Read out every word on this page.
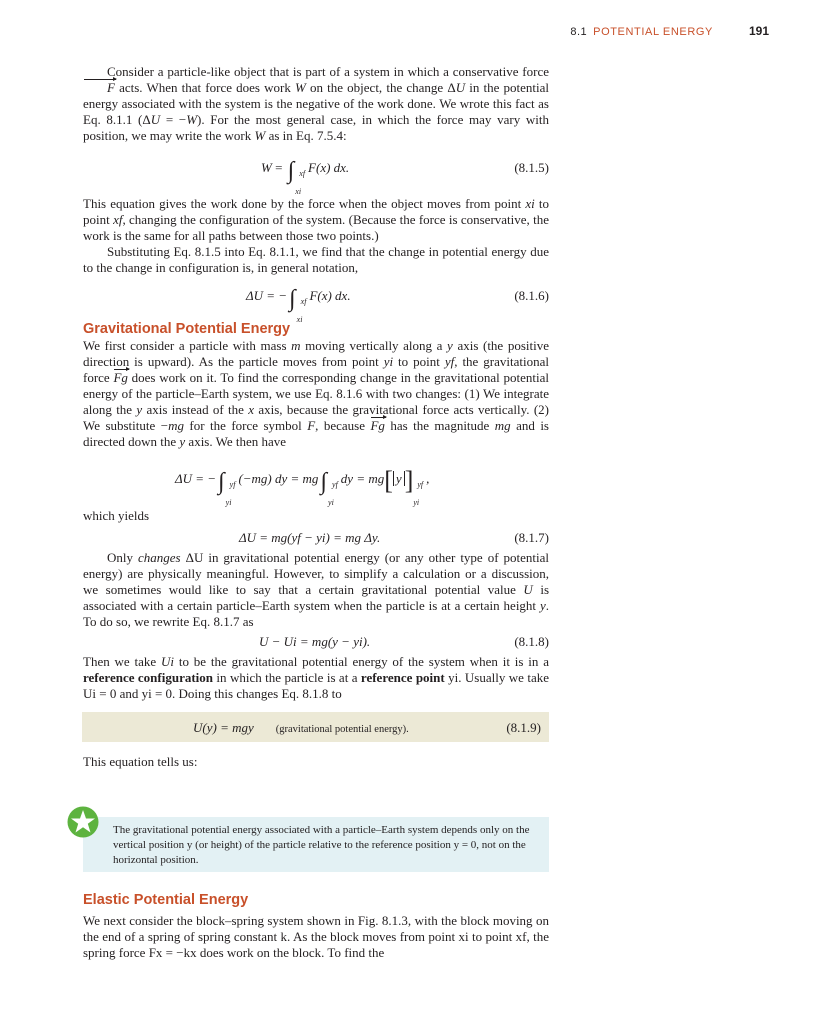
8.1 POTENTIAL ENERGY	191

Consider a particle-like object that is part of a system in which a conservative force F acts. When that force does work W on the object, the change ΔU in the potential energy associated with the system is the negative of the work done. We wrote this fact as Eq. 8.1.1 (ΔU = −W). For the most general case, in which the force may vary with position, we may write the work W as in Eq. 7.5.4:

W = ∫ xf
xi
F(x) dx.	(8.1.5)

This equation gives the work done by the force when the object moves from point xi to point xf, changing the configuration of the system. (Because the force is conservative, the work is the same for all paths between those two points.)

Substituting Eq. 8.1.5 into Eq. 8.1.1, we find that the change in potential energy due to the change in configuration is, in general notation,

ΔU = −∫ xf
xi
F(x) dx.	(8.1.6)
Gravitational Potential Energy

We first consider a particle with mass m moving vertically along a y axis (the positive direction is upward). As the particle moves from point yi to point yf, the gravitational force Fg does work on it. To find the corresponding change in the gravitational potential energy of the particle–Earth system, we use Eq. 8.1.6 with two changes: (1) We integrate along the y axis instead of the x axis, because the gravitational force acts vertically. (2) We substitute −mg for the force symbol F, because Fg has the magnitude mg and is directed down the y axis. We then have

ΔU = −∫ yf
yi
(−mg) dy = mg∫ yf
yi
dy = mg[ y ] yf
yi
,

which yields

ΔU = mg(yf − yi) = mg Δy.	(8.1.7)

Only changes ΔU in gravitational potential energy (or any other type of potential energy) are physically meaningful. However, to simplify a calculation or a discussion, we sometimes would like to say that a certain gravitational potential value U is associated with a certain particle–Earth system when the particle is at a certain height y. To do so, we rewrite Eq. 8.1.7 as

U − Ui = mg(y − yi).	(8.1.8)

Then we take Ui to be the gravitational potential energy of the system when it is in a reference configuration in which the particle is at a reference point yi. Usually we take Ui = 0 and yi = 0. Doing this changes Eq. 8.1.8 to

U(y) = mgy (gravitational potential energy).	(8.1.9)

This equation tells us:

The gravitational potential energy associated with a particle–Earth system depends only on the vertical position y (or height) of the particle relative to the reference position y = 0, not on the horizontal position.
Elastic Potential Energy

We next consider the block–spring system shown in Fig. 8.1.3, with the block moving on the end of a spring of spring constant k. As the block moves from point xi to point xf, the spring force Fx = −kx does work on the block. To find the
